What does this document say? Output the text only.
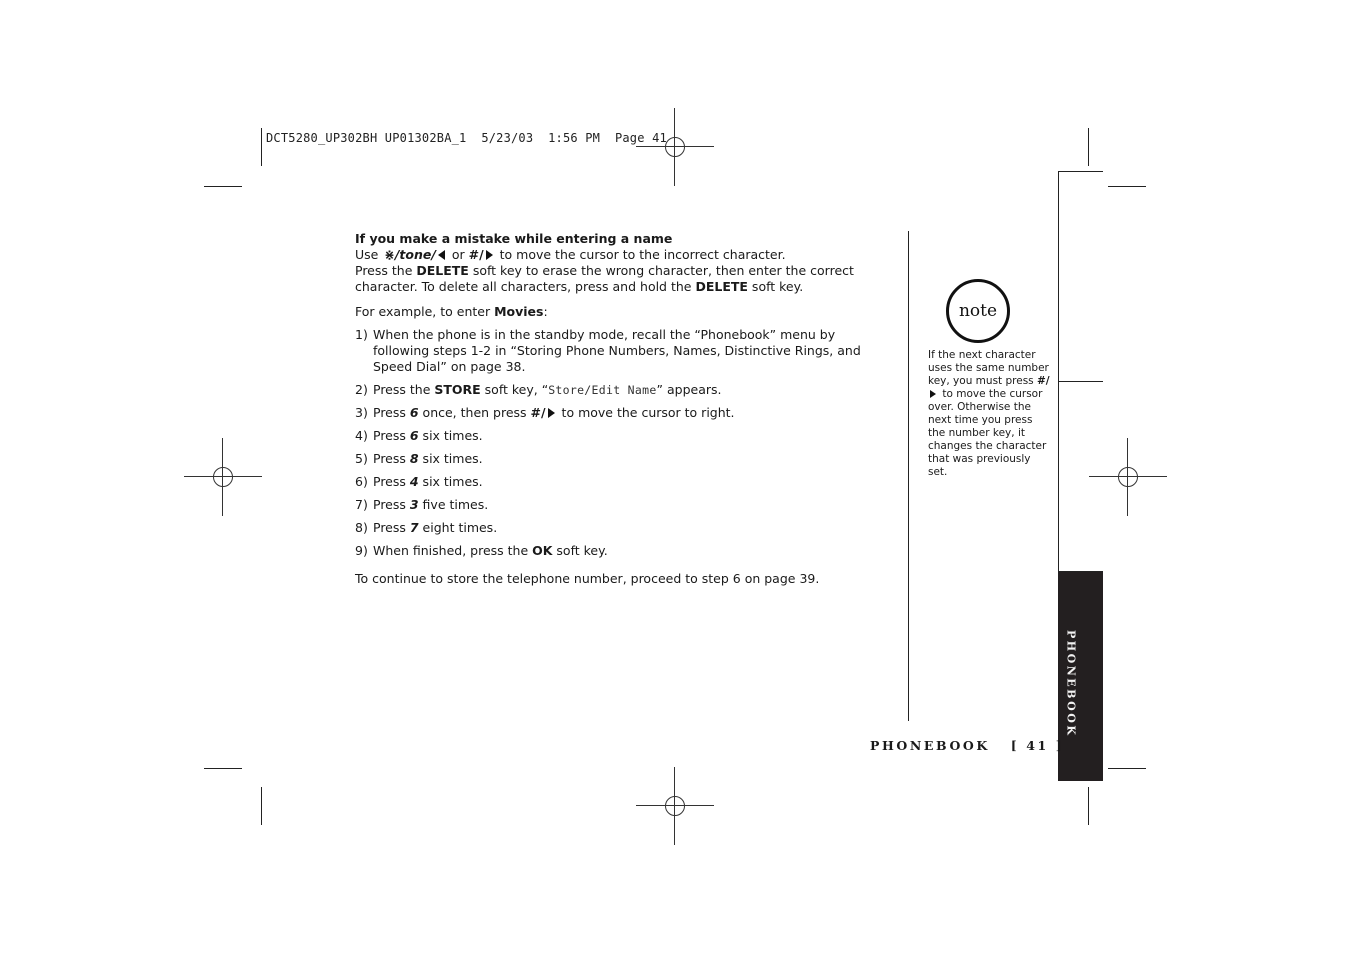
DCT5280_UP302BH UP01302BA_1  5/23/03  1:56 PM  Page 41

If you make a mistake while entering a name

Use ⋇/tone/ or #/ to move the cursor to the incorrect character.

Press the DELETE soft key to erase the wrong character, then enter the correct

character. To delete all characters, press and hold the DELETE soft key.

For example, to enter Movies:

1) When the phone is in the standby mode, recall the “Phonebook” menu by following steps 1-2 in “Storing Phone Numbers, Names, Distinctive Rings, and Speed Dial” on page 38.
2) Press the STORE soft key, “Store/Edit Name” appears.
3) Press 6 once, then press #/ to move the cursor to right.
4) Press 6 six times.
5) Press 8 six times.
6) Press 4 six times.
7) Press 3 five times.
8) Press 7 eight times.
9) When finished, press the OK soft key.

To continue to store the telephone number, proceed to step 6 on page 39.

note
If the next character uses the same number key, you must press #/ to move the cursor over. Otherwise the next time you press the number key, it changes the character that was previously set.
PHONEBOOK
PHONEBOOK [ 41 ]
